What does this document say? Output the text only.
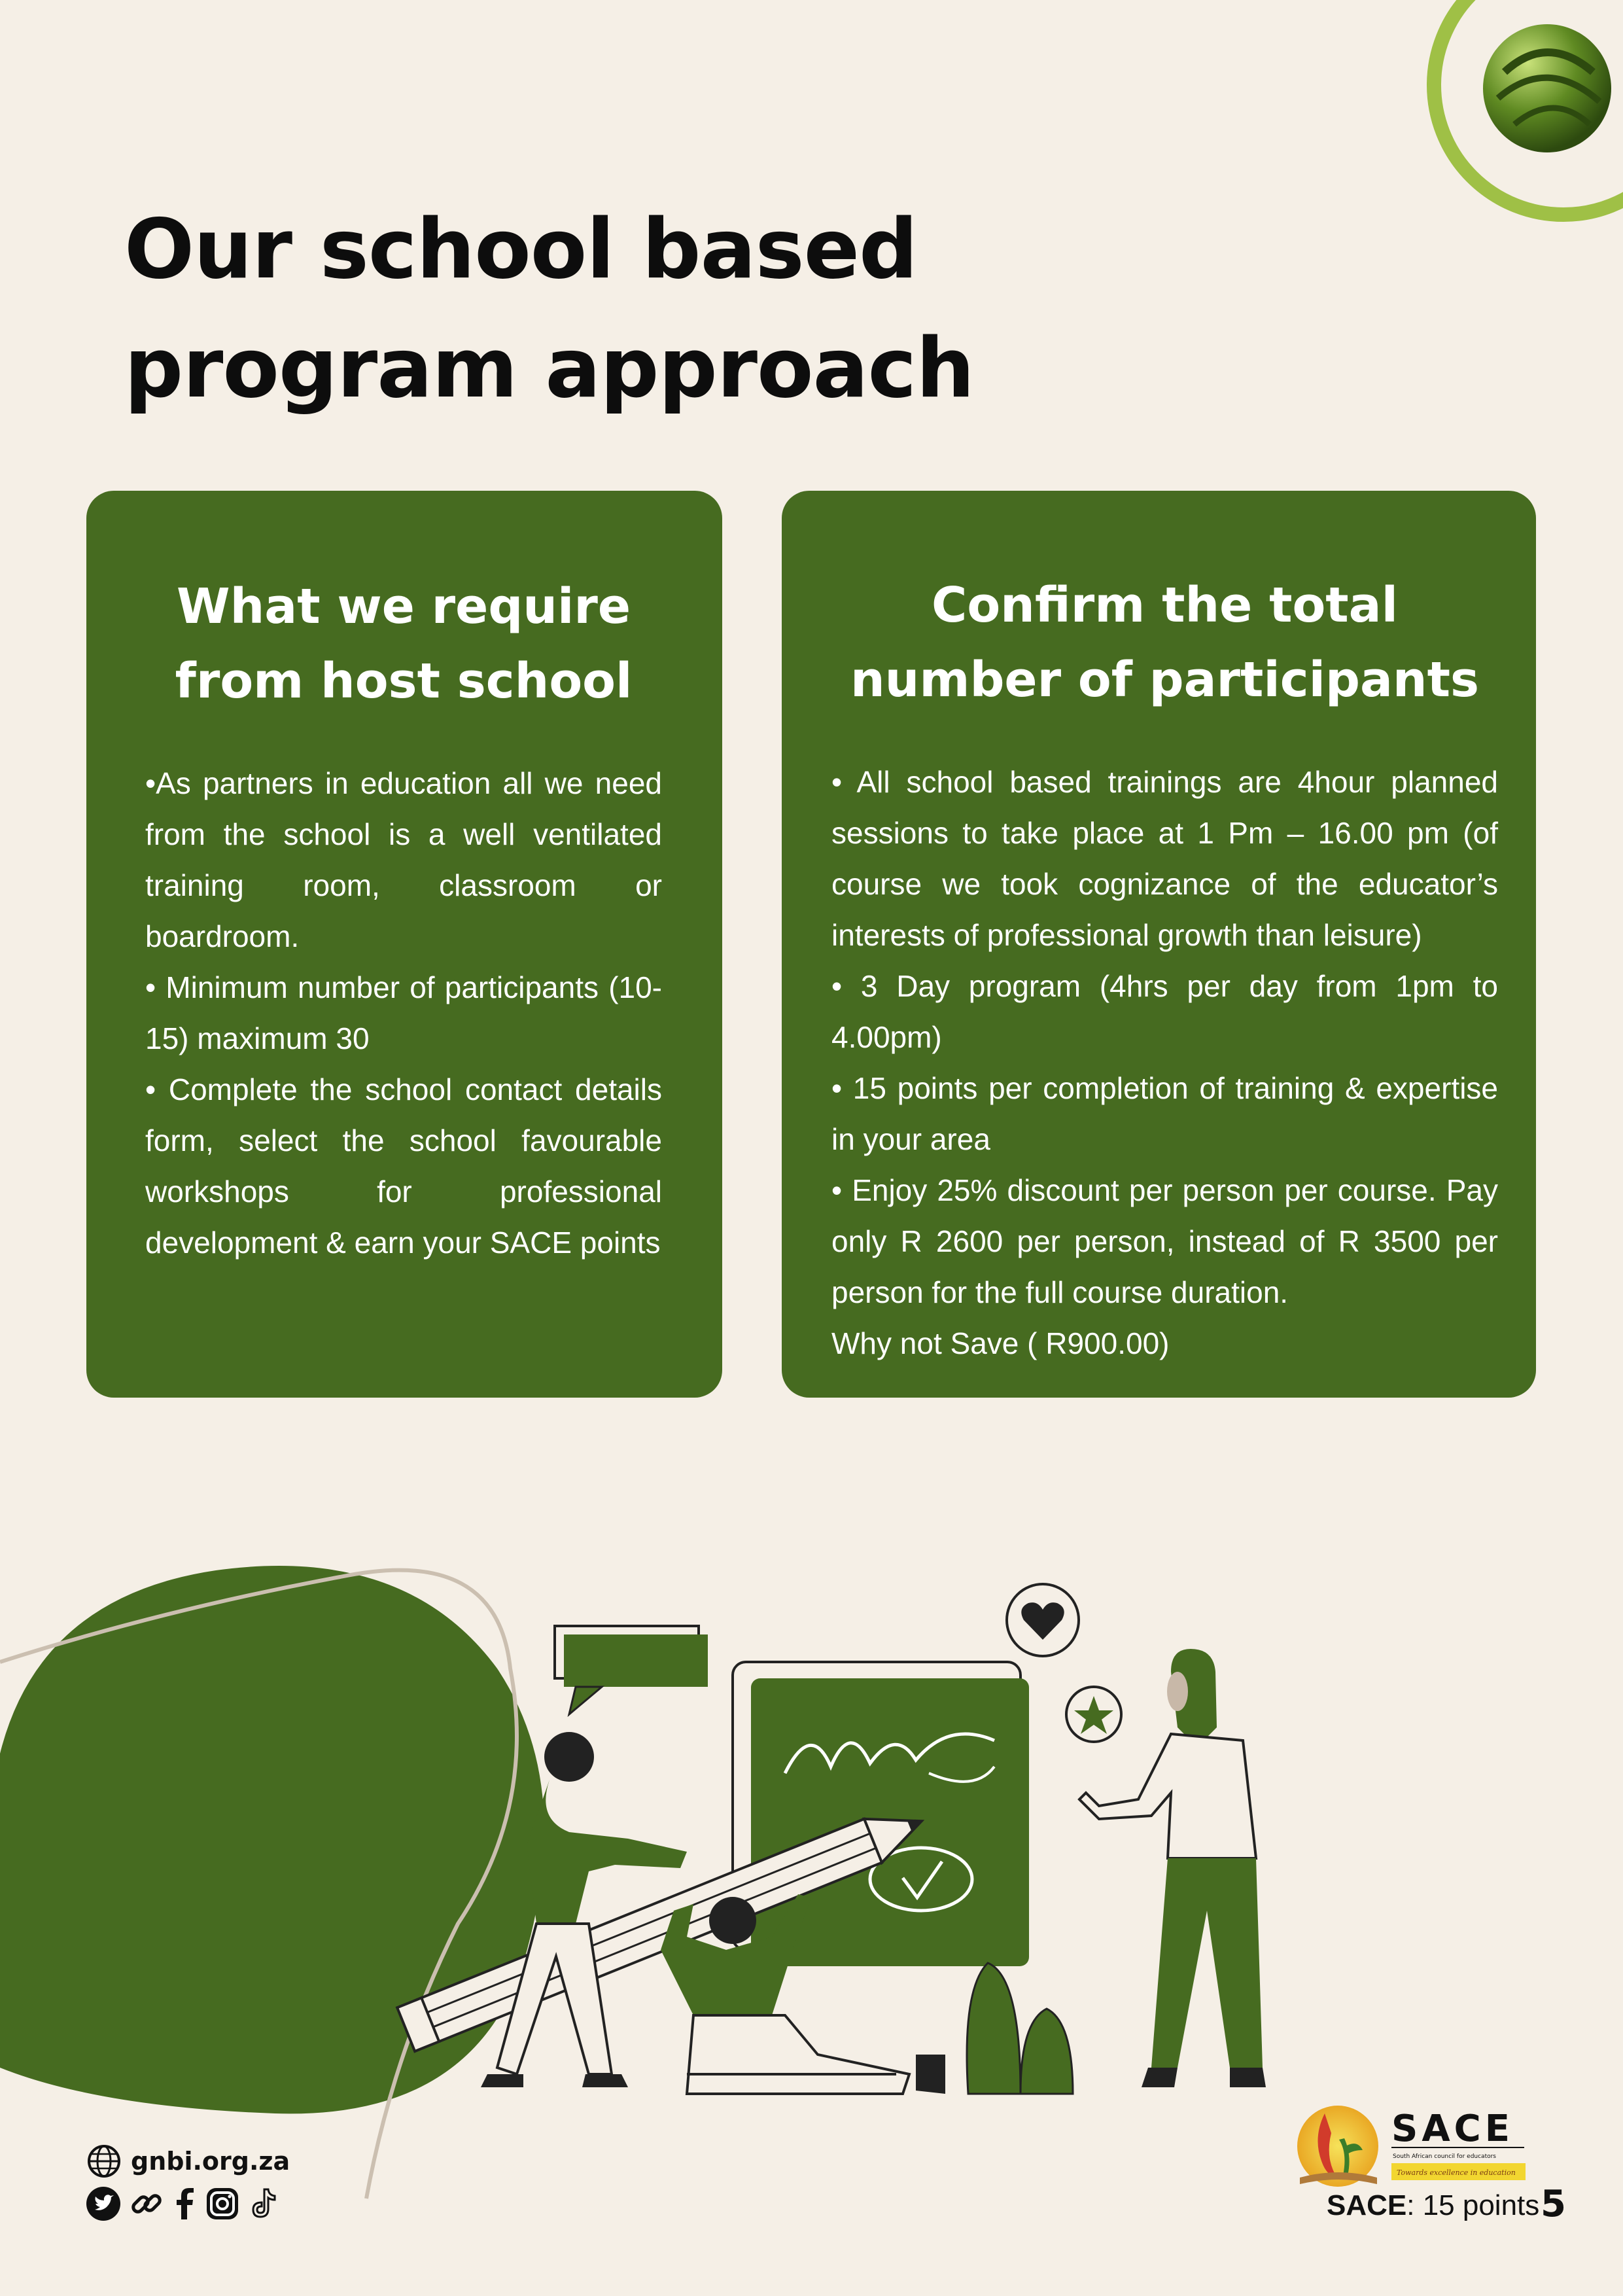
Our school based program approach
What we require from host school

•As partners in education all we need from the school is a well ventilated training room, classroom or boardroom.

• Minimum number of participants (10- 15) maximum 30

• Complete the school contact details form, select the school favourable workshops for professional development & earn your SACE points

Confirm the total number of participants

• All school based trainings are 4hour planned sessions to take place at 1 Pm – 16.00 pm (of course we took cognizance of the educator’s interests of professional growth than leisure)

• 3 Day program (4hrs per day from 1pm to 4.00pm)

• 15 points per completion of training & expertise in your area

• Enjoy 25% discount per person per course. Pay only R 2600 per person, instead of R 3500 per person for the full course duration.

Why not Save ( R900.00)

gnbi.org.za
SACE
South African council for educators
Towards excellence in education
SACE: 15 points 5
